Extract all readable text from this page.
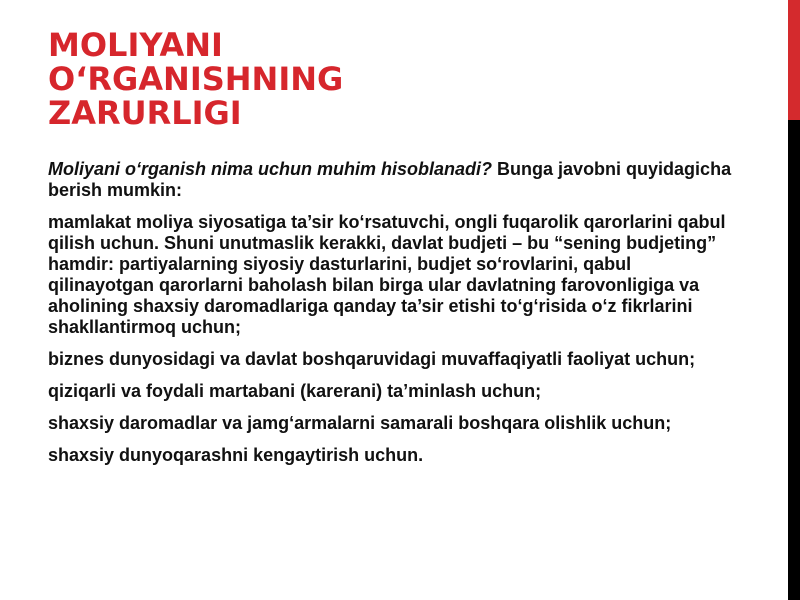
MOLIYANI
O‘RGANISHNING
ZARURLIGI

Moliyani o‘rganish nima uchun muhim hisoblanadi? Bunga javobni quyidagicha berish mumkin:

mamlakat moliya siyosatiga ta’sir ko‘rsatuvchi, ongli fuqarolik qarorlarini qabul qilish uchun. Shuni unutmaslik kerakki, davlat budjeti – bu “sening budjeting” hamdir: partiyalarning siyosiy dasturlarini, budjet so‘rovlarini, qabul qilinayotgan qarorlarni baholash bilan birga ular davlatning farovonligiga va aholining shaxsiy daromadlariga qanday ta’sir etishi to‘g‘risida o‘z fikrlarini shakllantirmoq uchun;

biznes dunyosidagi va davlat boshqaruvidagi muvaffaqiyatli faoliyat uchun;

qiziqarli va foydali martabani (karerani) ta’minlash uchun;

shaxsiy daromadlar va jamg‘armalarni samarali boshqara olishlik uchun;

shaxsiy dunyoqarashni kengaytirish uchun.
